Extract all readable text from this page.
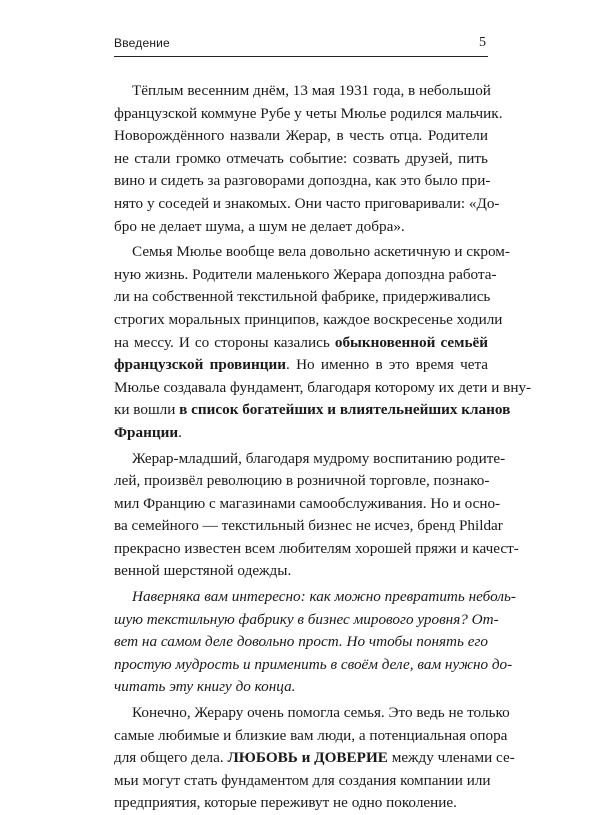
Введение	5
Тёплым весенним днём, 13 мая 1931 года, в небольшой
французской коммуне Рубе у четы Мюлье родился мальчик.
Новорождённого назвали Жерар, в честь отца. Родители
не стали громко отмечать событие: созвать друзей, пить
вино и сидеть за разговорами допоздна, как это было при-
нято у соседей и знакомых. Они часто приговаривали: «До-
бро не делает шума, а шум не делает добра».
Семья Мюлье вообще вела довольно аскетичную и скром-
ную жизнь. Родители маленького Жерара допоздна работа-
ли на собственной текстильной фабрике, придерживались
строгих моральных принципов, каждое воскресенье ходили
на мессу. И со стороны казались обыкновенной семьёй
французской провинции. Но именно в это время чета
Мюлье создавала фундамент, благодаря которому их дети и вну-
ки вошли в список богатейших и влиятельнейших кланов
Франции.
Жерар-младший, благодаря мудрому воспитанию родите-
лей, произвёл революцию в розничной торговле, познако-
мил Францию с магазинами самообслуживания. Но и осно-
ва семейного — текстильный бизнес не исчез, бренд Phildar
прекрасно известен всем любителям хорошей пряжи и качест-
венной шерстяной одежды.
Наверняка вам интересно: как можно превратить неболь-
шую текстильную фабрику в бизнес мирового уровня? От-
вет на самом деле довольно прост. Но чтобы понять его
простую мудрость и применить в своём деле, вам нужно до-
читать эту книгу до конца.
Конечно, Жерару очень помогла семья. Это ведь не только
самые любимые и близкие вам люди, а потенциальная опора
для общего дела. ЛЮБОВЬ и ДОВЕРИЕ между членами се-
мьи могут стать фундаментом для создания компании или
предприятия, которые переживут не одно поколение.
